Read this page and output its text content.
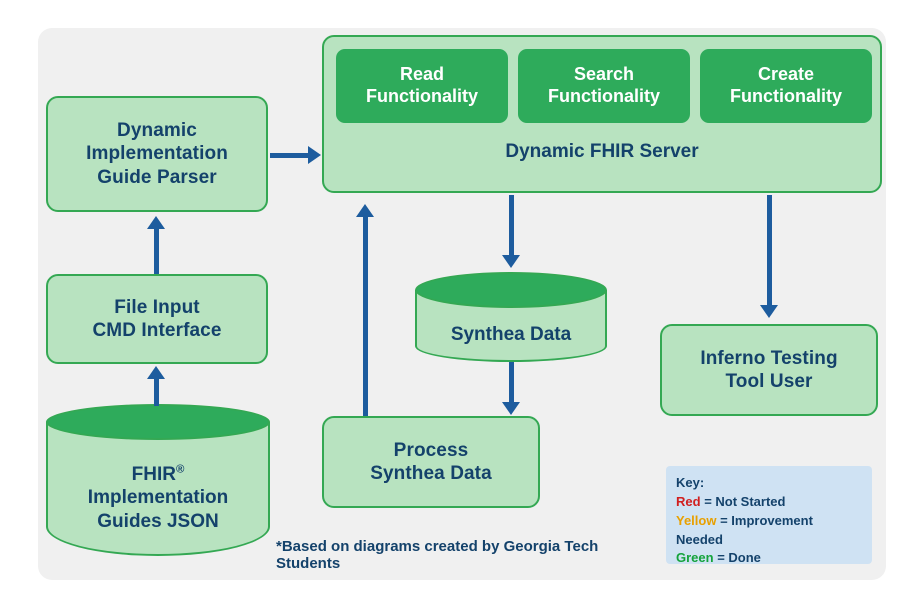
Read
Functionality
Search
Functionality
Create
Functionality
Dynamic FHIR Server
Dynamic
Implementation
Guide Parser
File Input
CMD Interface
FHIR®
Implementation
Guides JSON
Synthea Data
Process
Synthea Data
Inferno Testing
Tool User
*Based on diagrams created by Georgia Tech Students
Key:
Red = Not Started
Yellow = Improvement Needed
Green = Done
